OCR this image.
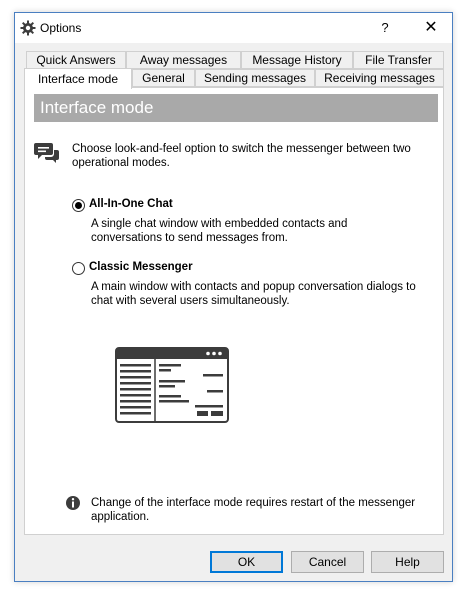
Options	?	✕
Quick Answers	Away messages	Message History	File Transfer
Interface mode	General	Sending messages	Receiving messages
Interface mode
Choose look-and-feel option to switch the messenger between two operational modes.
All-In-One Chat
A single chat window with embedded contacts and conversations to send messages from.
Classic Messenger
A main window with contacts and popup conversation dialogs to chat with several users simultaneously.
Change of the interface mode requires restart of the messenger application.
OK	Cancel	Help
